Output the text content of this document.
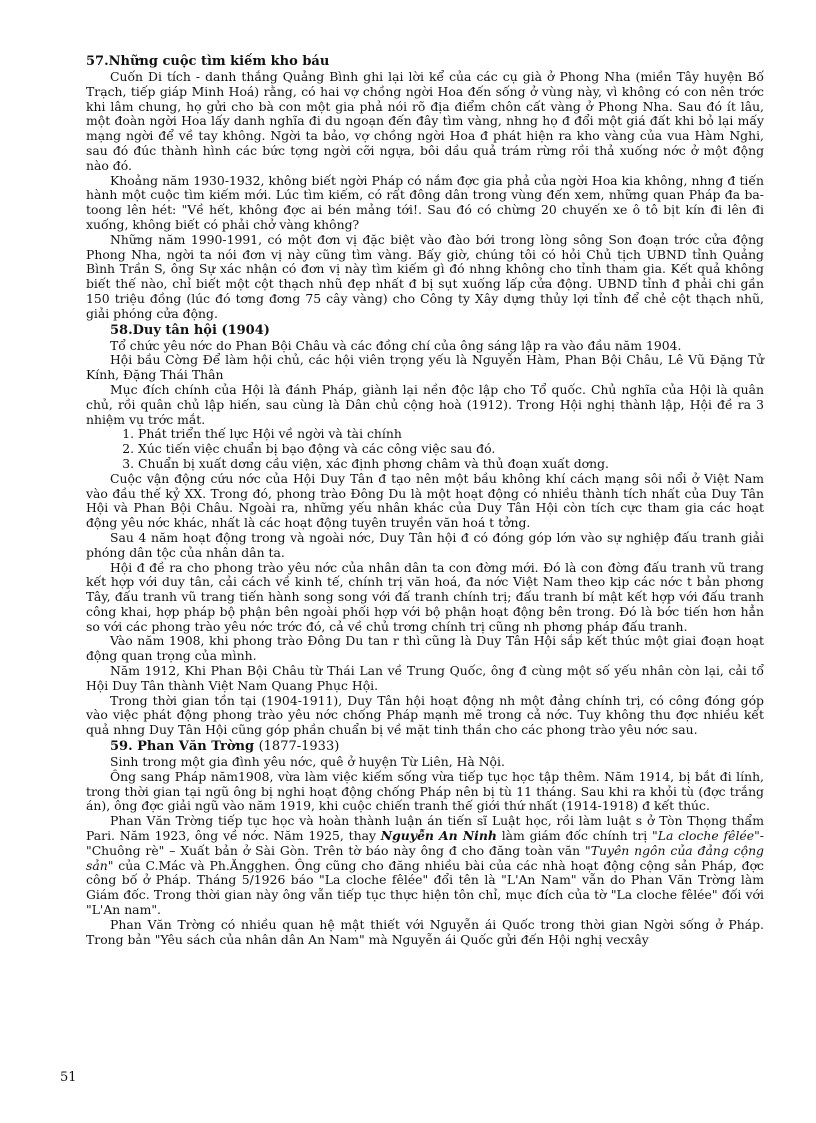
57.Những cuộc tìm kiếm kho báu

Cuốn Di tích - danh thắng Quảng Bình ghi lại lời kể của các cụ già ở Phong Nha (miền Tây huyện Bố Trạch, tiếp giáp Minh Hoá) rằng, có hai vợ chồng ngời Hoa đến sống ở vùng này, vì không có con nên trớc khi lâm chung, họ gửi cho bà con một gia phả nói rõ địa điểm chôn cất vàng ở Phong Nha. Sau đó ít lâu, một đoàn ngời Hoa lấy danh nghĩa đi du ngoạn đến đây tìm vàng, nhng họ đ đổi một giá đất khi bỏ lại mấy mạng ngời để về tay không. Ngời ta bảo, vợ chồng ngời Hoa đ phát hiện ra kho vàng của vua Hàm Nghi, sau đó đúc thành hình các bức tợng ngời cỡi ngựa, bôi dầu quả trám rừng rồi thả xuống nớc ở một động nào đó.

Khoảng năm 1930-1932, không biết ngời Pháp có nắm đợc gia phả của ngời Hoa kia không, nhng đ tiến hành một cuộc tìm kiếm mới. Lúc tìm kiếm, có rất đông dân trong vùng đến xem, những quan Pháp đa ba-toong lên hét: "Về hết, không đợc ai bén mảng tới!. Sau đó có chừng 20 chuyến xe ô tô bịt kín đi lên đi xuống, không biết có phải chở vàng không?

Những năm 1990-1991, có một đơn vị đặc biệt vào đào bới trong lòng sông Son đoạn trớc cửa động Phong Nha, ngời ta nói đơn vị này cũng tìm vàng. Bấy giờ, chúng tôi có hỏi Chủ tịch UBND tỉnh Quảng Bình Trần S, ông Sự xác nhận có đơn vị này tìm kiếm gì đó nhng không cho tỉnh tham gia. Kết quả không biết thế nào, chỉ biết một cột thạch nhũ đẹp nhất đ bị sụt xuống lấp cửa động. UBND tỉnh đ phải chi gần 150 triệu đồng (lúc đó tơng đơng 75 cây vàng) cho Công ty Xây dựng thủy lợi tỉnh để chẻ cột thạch nhũ, giải phóng cửa động.

58.Duy tân hội (1904)

Tổ chức yêu nớc do Phan Bội Châu và các đồng chí của ông sáng lập ra vào đầu năm 1904.

Hội bầu Cờng Để làm hội chủ, các hội viên trọng yếu là Nguyễn Hàm, Phan Bội Châu, Lê Vũ Đặng Tử Kính, Đặng Thái Thân

Mục đích chính của Hội là đánh Pháp, giành lại nền độc lập cho Tổ quốc. Chủ nghĩa của Hội là quân chủ, rồi quân chủ lập hiến, sau cùng là Dân chủ cộng hoà (1912). Trong Hội nghị thành lập, Hội đề ra 3 nhiệm vụ trớc mắt.

1. Phát triển thế lực Hội về ngời và tài chính
2. Xúc tiến việc chuẩn bị bạo động và các công việc sau đó.
3. Chuẩn bị xuất dơng cầu viện, xác định phơng châm và thủ đoạn xuất dơng.

Cuộc vận động cứu nớc của Hội Duy Tân đ tạo nên một bầu không khí cách mạng sôi nổi ở Việt Nam vào đầu thế kỷ XX. Trong đó, phong trào Đông Du là một hoạt động có nhiều thành tích nhất của Duy Tân Hội và Phan Bội Châu. Ngoài ra, những yếu nhân khác của Duy Tân Hội còn tích cực tham gia các hoạt động yêu nớc khác, nhất là các hoạt động tuyên truyền văn hoá t tởng.

Sau 4 năm hoạt động trong và ngoài nớc, Duy Tân hội đ có đóng góp lớn vào sự nghiệp đấu tranh giải phóng dân tộc của nhân dân ta.

Hội đ đề ra cho phong trào yêu nớc của nhân dân ta con đờng mới. Đó là con đờng đấu tranh vũ trang kết hợp với duy tân, cải cách về kinh tế, chính trị văn hoá, đa nớc Việt Nam theo kịp các nớc t bản phơng Tây, đấu tranh vũ trang tiến hành song song với đấ tranh chính trị; đấu tranh bí mật kết hợp với đấu tranh công khai, hợp pháp bộ phận bên ngoài phối hợp với bộ phận hoạt động bên trong. Đó là bớc tiến hơn hẳn so với các phong trào yêu nớc trớc đó, cả về chủ trơng chính trị cũng nh phơng pháp đấu tranh.

Vào năm 1908, khi phong trào Đông Du tan r thì cũng là Duy Tân Hội sắp kết thúc một giai đoạn hoạt động quan trọng của mình.

Năm 1912, Khi Phan Bội Châu từ Thái Lan về Trung Quốc, ông đ cùng một số yếu nhân còn lại, cải tổ Hội Duy Tân thành Việt Nam Quang Phục Hội.

Trong thời gian tồn tại (1904-1911), Duy Tân hội hoạt động nh một đảng chính trị, có công đóng góp vào việc phát động phong trào yêu nớc chống Pháp mạnh mẽ trong cả nớc. Tuy không thu đợc nhiều kết quả nhng Duy Tân Hội cũng góp phần chuẩn bị về mặt tinh thần cho các phong trào yêu nớc sau.

59. Phan Văn Trờng (1877-1933)

Sinh trong một gia đình yêu nớc, quê ở huyện Từ Liên, Hà Nội.

Ông sang Pháp năm1908, vừa làm việc kiếm sống vừa tiếp tục học tập thêm. Năm 1914, bị bắt đi lính, trong thời gian tại ngũ ông bị nghi hoạt động chống Pháp nên bị tù 11 tháng. Sau khi ra khỏi tù (đợc trắng án), ông đợc giải ngũ vào năm 1919, khi cuộc chiến tranh thế giới thứ nhất (1914-1918) đ kết thúc.

Phan Văn Trờng tiếp tục học và hoàn thành luận án tiến sĩ Luật học, rồi làm luật s ở Tòn Thọng thẩm Pari. Năm 1923, ông về nớc. Năm 1925, thay Nguyễn An Ninh làm giám đốc chính trị "La cloche fêlée"- "Chuông rè" – Xuất bản ở Sài Gòn. Trên tờ báo này ông đ cho đăng toàn văn "Tuyên ngôn của đảng cộng sản" của C.Mác và Ph.Ăngghen. Ông cũng cho đăng nhiều bài của các nhà hoạt động cộng sản Pháp, đợc công bố ở Pháp. Tháng 5/1926 báo "La cloche fêlée" đổi tên là "L'An Nam" vẫn do Phan Văn Trờng làm Giám đốc. Trong thời gian này ông vẫn tiếp tục thực hiện tôn chỉ, mục đích của tờ "La cloche fêlée" đối với "L'An nam".

Phan Văn Trờng có nhiều quan hệ mật thiết với Nguyễn ái Quốc trong thời gian Ngời sống ở Pháp. Trong bản "Yêu sách của nhân dân An Nam" mà Nguyễn ái Quốc gửi đến Hội nghị vecxây

51
